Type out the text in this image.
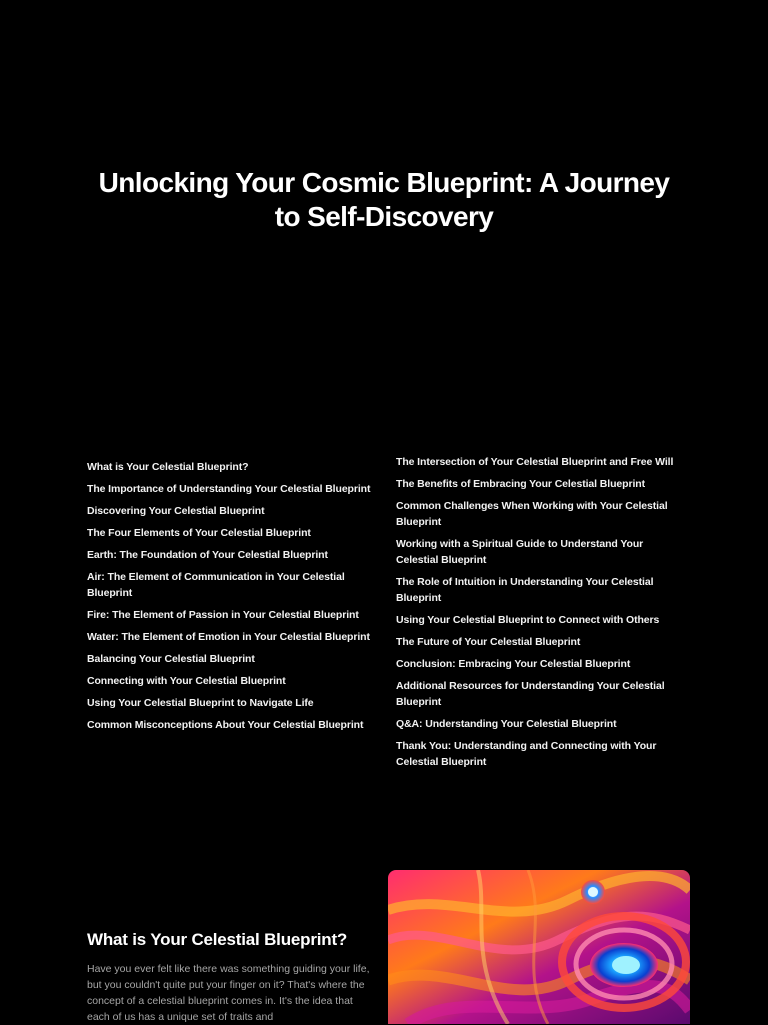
Unlocking Your Cosmic Blueprint: A Journey to Self-Discovery
What is Your Celestial Blueprint?
The Importance of Understanding Your Celestial Blueprint
Discovering Your Celestial Blueprint
The Four Elements of Your Celestial Blueprint
Earth: The Foundation of Your Celestial Blueprint
Air: The Element of Communication in Your Celestial Blueprint
Fire: The Element of Passion in Your Celestial Blueprint
Water: The Element of Emotion in Your Celestial Blueprint
Balancing Your Celestial Blueprint
Connecting with Your Celestial Blueprint
Using Your Celestial Blueprint to Navigate Life
Common Misconceptions About Your Celestial Blueprint
The Intersection of Your Celestial Blueprint and Free Will
The Benefits of Embracing Your Celestial Blueprint
Common Challenges When Working with Your Celestial Blueprint
Working with a Spiritual Guide to Understand Your Celestial Blueprint
The Role of Intuition in Understanding Your Celestial Blueprint
Using Your Celestial Blueprint to Connect with Others
The Future of Your Celestial Blueprint
Conclusion: Embracing Your Celestial Blueprint
Additional Resources for Understanding Your Celestial Blueprint
Q&A: Understanding Your Celestial Blueprint
Thank You: Understanding and Connecting with Your Celestial Blueprint
What is Your Celestial Blueprint?

Have you ever felt like there was something guiding your life, but you couldn't quite put your finger on it? That's where the concept of a celestial blueprint comes in. It's the idea that each of us has a unique set of traits and
